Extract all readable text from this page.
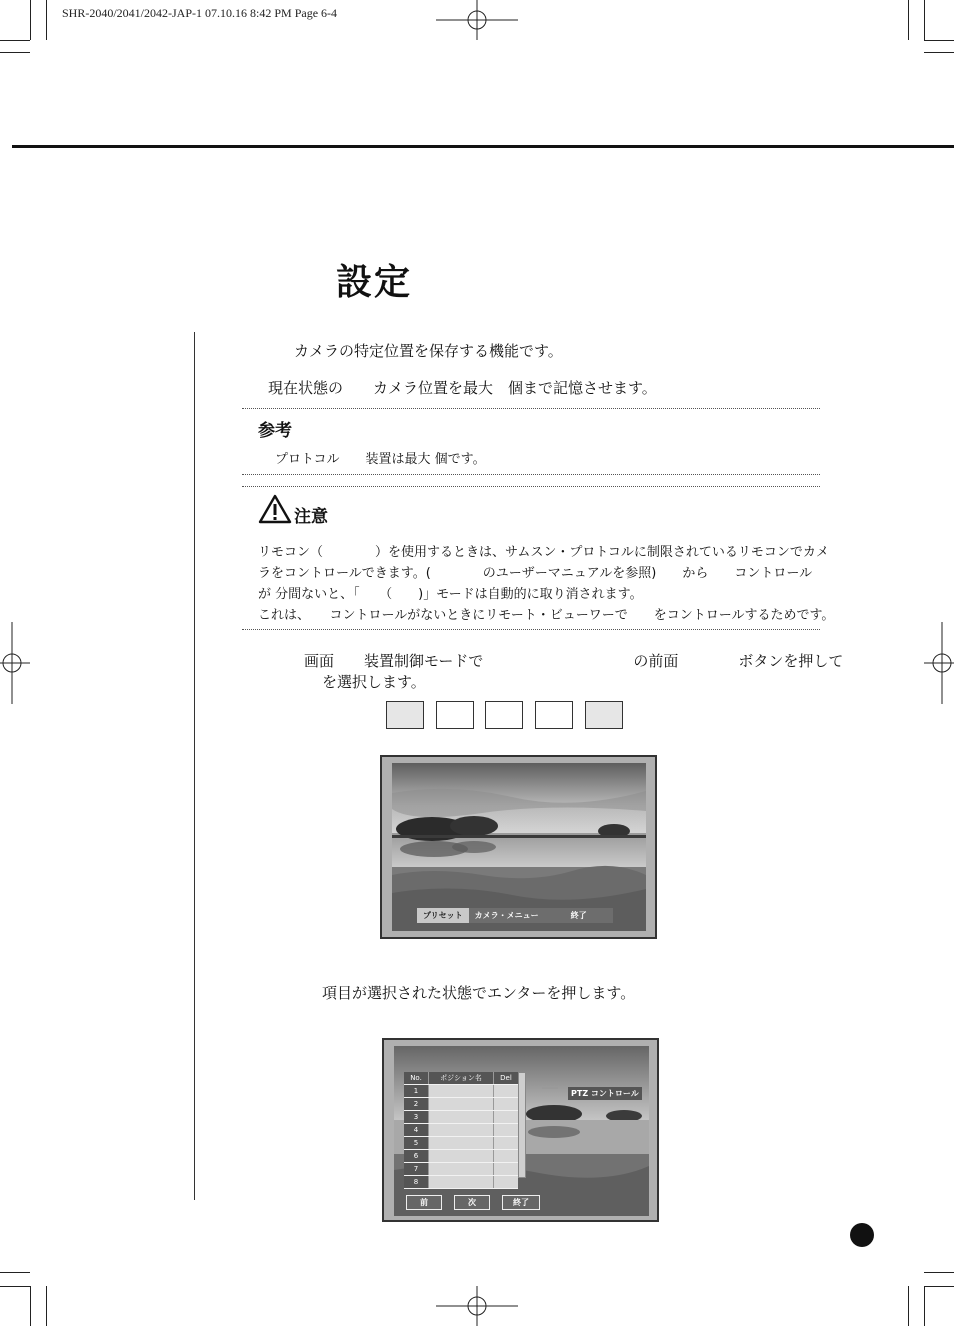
SHR-2040/2041/2042-JAP-1 07.10.16 8:42 PM Page 6-4
設定
カメラの特定位置を保存する機能です。
現在状態の　　カメラ位置を最大　個まで記憶させます。
参考
プロトコル　　装置は最大 個です。
注意
リモコン（　　　　）を使用するときは、サムスン・プロトコルに制限されているリモコンでカメ
ラをコントロールできます。(　　　　のユーザーマニュアルを参照)　　から　　コントロール
が 分間ないと、「　　（　　)」モードは自動的に取り消されます。
これは、　　コントロールがないときにリモート・ビューワーで　　をコントロールするためです。
画面　　装置制御モードで　　　　　　　　　　の前面　　　　ボタンを押して
を選択します。
プリセット	カメラ・メニュー	終了
項目が選択された状態でエンターを押します。
No.	ポジション名	Del
1
2
3
4
5
6
7
8
PTZ コントロール
前	次	終了
